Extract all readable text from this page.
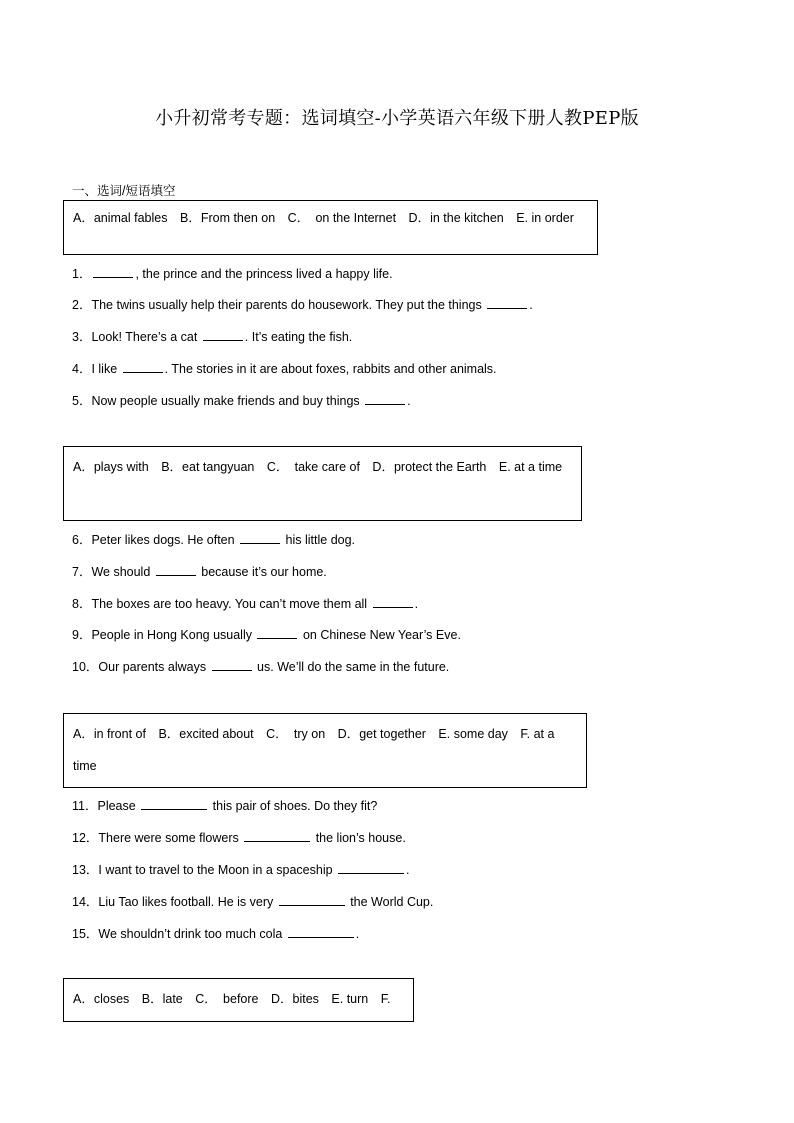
小升初常考专题：选词填空-小学英语六年级下册人教PEP版
一、选词/短语填空
A．animal fables　B．From then on　C．　on the Internet　D．in the kitchen　E. in order
1．	, the prince and the princess lived a happy life.
2．The twins usually help their parents do housework. They put the things	.
3．Look! There’s a cat	. It’s eating the fish.
4．I like	. The stories in it are about foxes, rabbits and other animals.
5．Now people usually make friends and buy things	.
A．plays with　B．eat tangyuan　C．　take care of　D．protect the Earth　E. at a time
6．Peter likes dogs. He often	his little dog.
7．We should	because it’s our home.
8．The boxes are too heavy. You can’t move them all	.
9．People in Hong Kong usually	on Chinese New Year’s Eve.
10．Our parents always	us. We’ll do the same in the future.
A．in front of　B．excited about　C．　try on　D．get together　E. some day　F. at a time
11．Please	this pair of shoes. Do they fit?
12．There were some flowers	the lion’s house.
13．I want to travel to the Moon in a spaceship	.
14．Liu Tao likes football. He is very	the World Cup.
15．We shouldn’t drink too much cola	.
A．closes　B．late　C．　before　D．bites　E. turn　F.
